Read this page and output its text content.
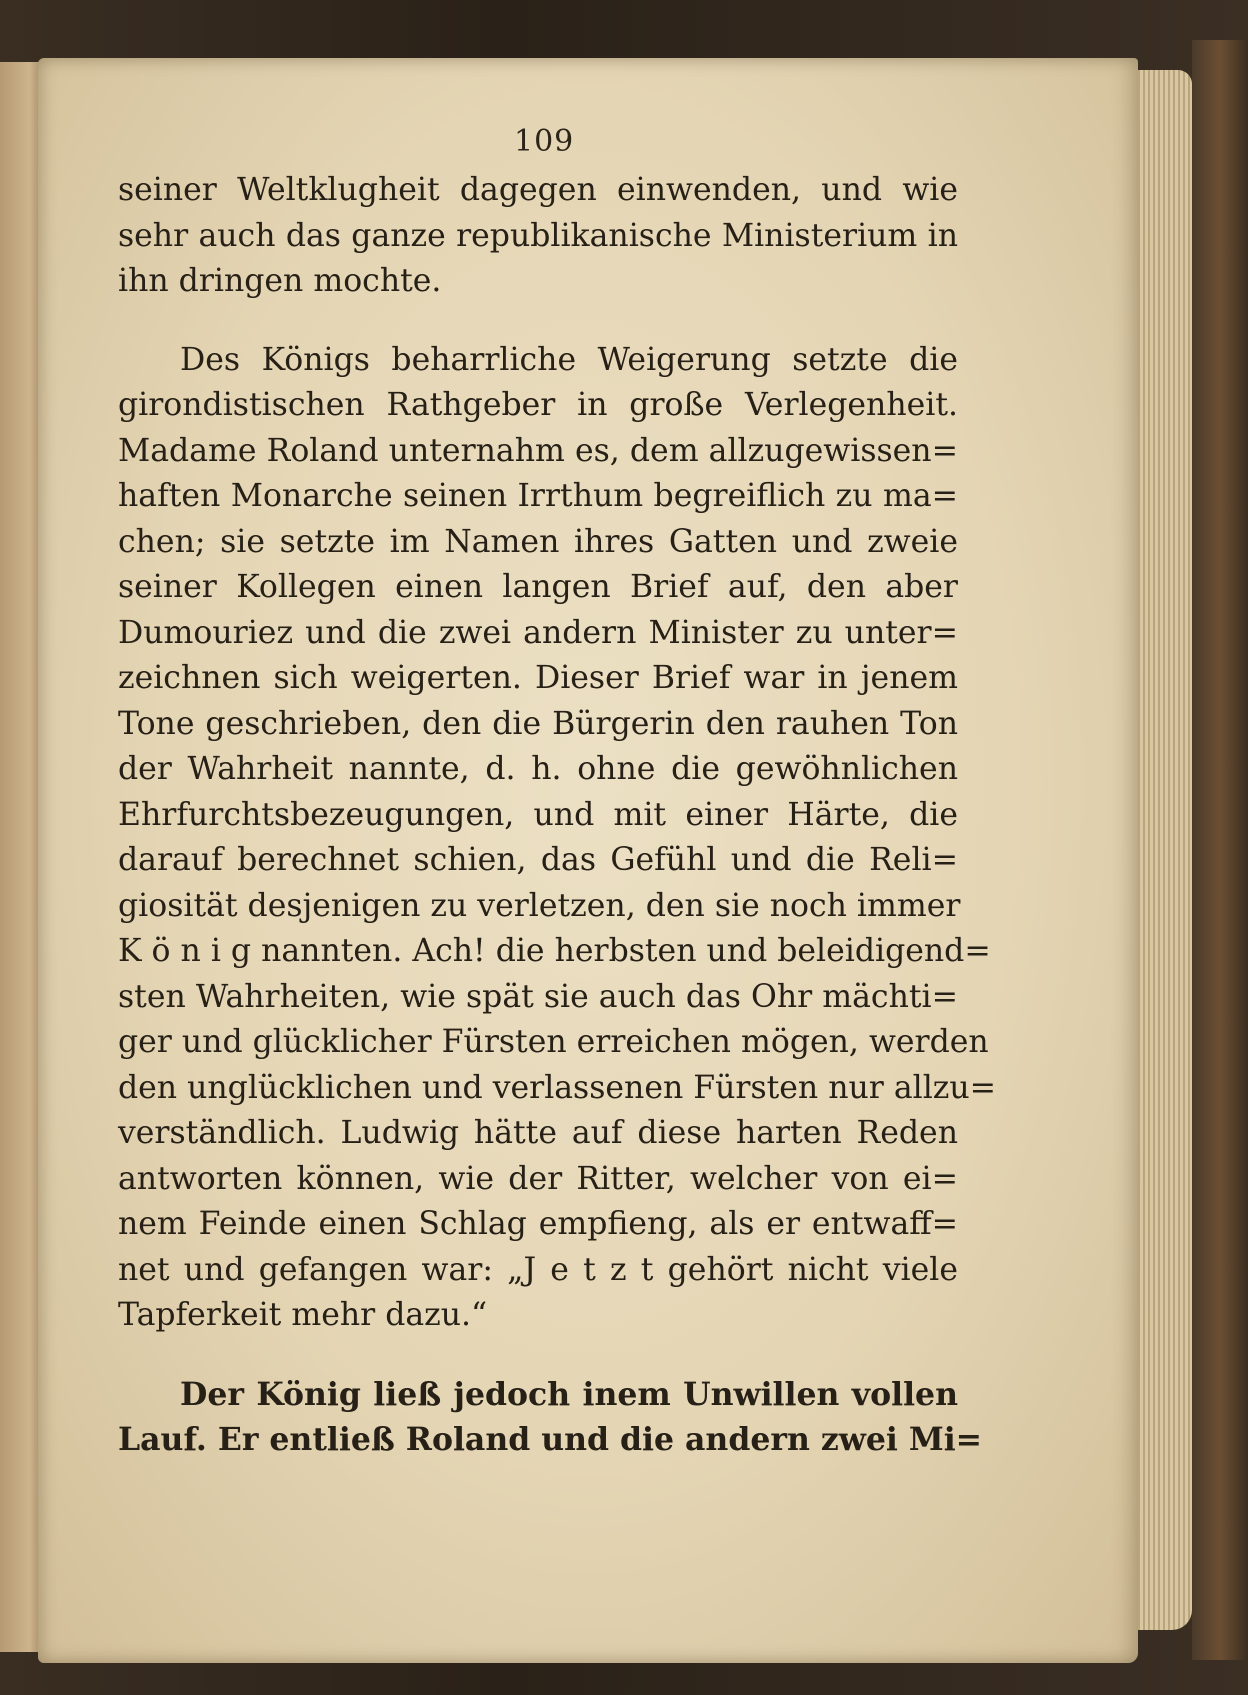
109
seiner Weltklugheit dagegen einwenden, und wie
sehr auch das ganze republikanische Ministerium in
ihn dringen mochte.
Des Königs beharrliche Weigerung setzte die
girondistischen Rathgeber in große Verlegenheit.
Madame Roland unternahm es, dem allzugewissen=
haften Monarche seinen Irrthum begreiflich zu ma=
chen; sie setzte im Namen ihres Gatten und zweie
seiner Kollegen einen langen Brief auf, den aber
Dumouriez und die zwei andern Minister zu unter=
zeichnen sich weigerten. Dieser Brief war in jenem
Tone geschrieben, den die Bürgerin den rauhen Ton
der Wahrheit nannte, d. h. ohne die gewöhnlichen
Ehrfurchtsbezeugungen, und mit einer Härte, die
darauf berechnet schien, das Gefühl und die Reli=
giosität desjenigen zu verletzen, den sie noch immer
K ö n i g nannten. Ach! die herbsten und beleidigend=
sten Wahrheiten, wie spät sie auch das Ohr mächti=
ger und glücklicher Fürsten erreichen mögen, werden
den unglücklichen und verlassenen Fürsten nur allzu=
verständlich. Ludwig hätte auf diese harten Reden
antworten können, wie der Ritter, welcher von ei=
nem Feinde einen Schlag empfieng, als er entwaff=
net und gefangen war: „J e t z t gehört nicht viele
Tapferkeit mehr dazu.“
Der König ließ jedoch inem Unwillen vollen
Lauf. Er entließ Roland und die andern zwei Mi=
